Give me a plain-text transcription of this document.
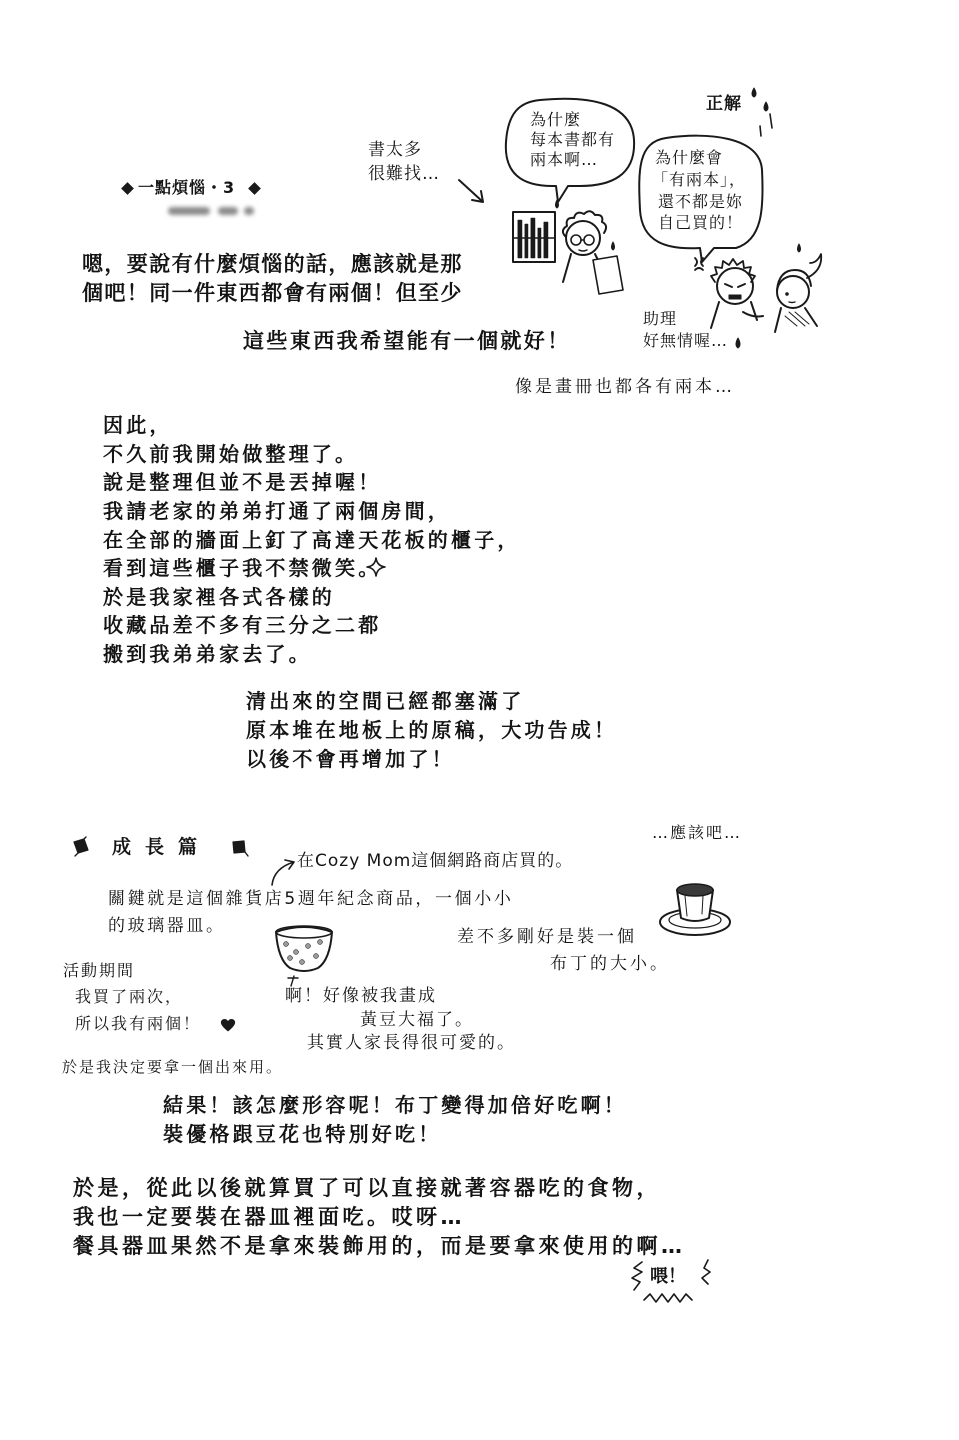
為什麼
每本書都有
兩本啊…
正解
為什麼會
「有兩本」，
還不都是妳
自己買的！
書太多
很難找…
一點煩惱・3
嗯，要說有什麼煩惱的話，應該就是那
個吧！同一件東西都會有兩個！但至少
這些東西我希望能有一個就好！
助理
好無情喔…
像是畫冊也都各有兩本…
因此，
不久前我開始做整理了。
說是整理但並不是丟掉喔！
我請老家的弟弟打通了兩個房間，
在全部的牆面上釘了高達天花板的櫃子，
看到這些櫃子我不禁微笑。
於是我家裡各式各樣的
收藏品差不多有三分之二都
搬到我弟弟家去了。
清出來的空間已經都塞滿了
原本堆在地板上的原稿，大功告成！
以後不會再增加了！
成長篇
…應該吧…
在Cozy Mom這個網路商店買的。
關鍵就是這個雜貨店5週年紀念商品，一個小小
的玻璃器皿。
差不多剛好是裝一個
布丁的大小。
活動期間
我買了兩次，
所以我有兩個！
啊！好像被我畫成
黃豆大福了。
其實人家長得很可愛的。
於是我決定要拿一個出來用。
結果！該怎麼形容呢！布丁變得加倍好吃啊！
裝優格跟豆花也特別好吃！
於是，從此以後就算買了可以直接就著容器吃的食物，
我也一定要裝在器皿裡面吃。哎呀…
餐具器皿果然不是拿來裝飾用的，而是要拿來使用的啊…
喂！
